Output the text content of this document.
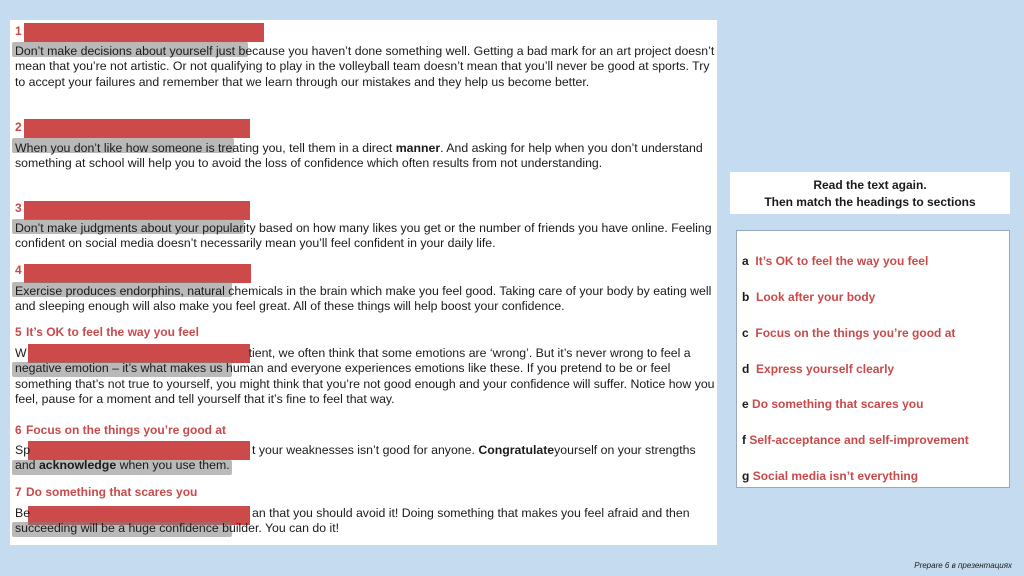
1
Don’t make decisions about yourself just because you haven’t done something well. Getting a bad mark for an art project doesn’t mean that you’re not artistic. Or not qualifying to play in the volleyball team doesn’t mean that you’ll never be good at sports. Try to accept your failures and remember that we learn through our mistakes and they help us become better.
2
When you don’t like how someone is treating you, tell them in a direct manner. And asking for help when you don’t understand something at school will help you to avoid the loss of confidence which often results from not understanding.
3
Don’t make judgments about your popularity based on how many likes you get or the number of friends you have online. Feeling confident on social media doesn’t necessarily mean you’ll feel confident in your daily life.
4
Exercise produces endorphins, natural chemicals in the brain which make you feel good. Taking care of your body by eating well and sleeping enough will also make you feel great. All of these things will help boost your confidence.
5 It’s OK to feel the way you feel
W	tient, we often think that some emotions are ‘wrong’. But it’s never wrong to feel a negative emotion – it’s what makes us human and everyone experiences emotions like these. If you pretend to be or feel something that’s not true to yourself, you might think that you’re not good enough and your confidence will suffer. Notice how you feel, pause for a moment and tell yourself that it’s fine to feel that way.
6 Focus on the things you’re good at
Sp	t your weaknesses isn’t good for anyone. Congratulateyourself on your strengths and acknowledge when you use them.
7 Do something that scares you
Be	an that you should avoid it! Doing something that makes you feel afraid and then succeeding will be a huge confidence builder. You can do it!
Read the text again.
Then match the headings to sections
a It’s OK to feel the way you feel
b Look after your body
c Focus on the things you’re good at
d Express yourself clearly
e Do something that scares you
f Self-acceptance and self-improvement
g Social media isn’t everything
Prepare 6 в презентациях
